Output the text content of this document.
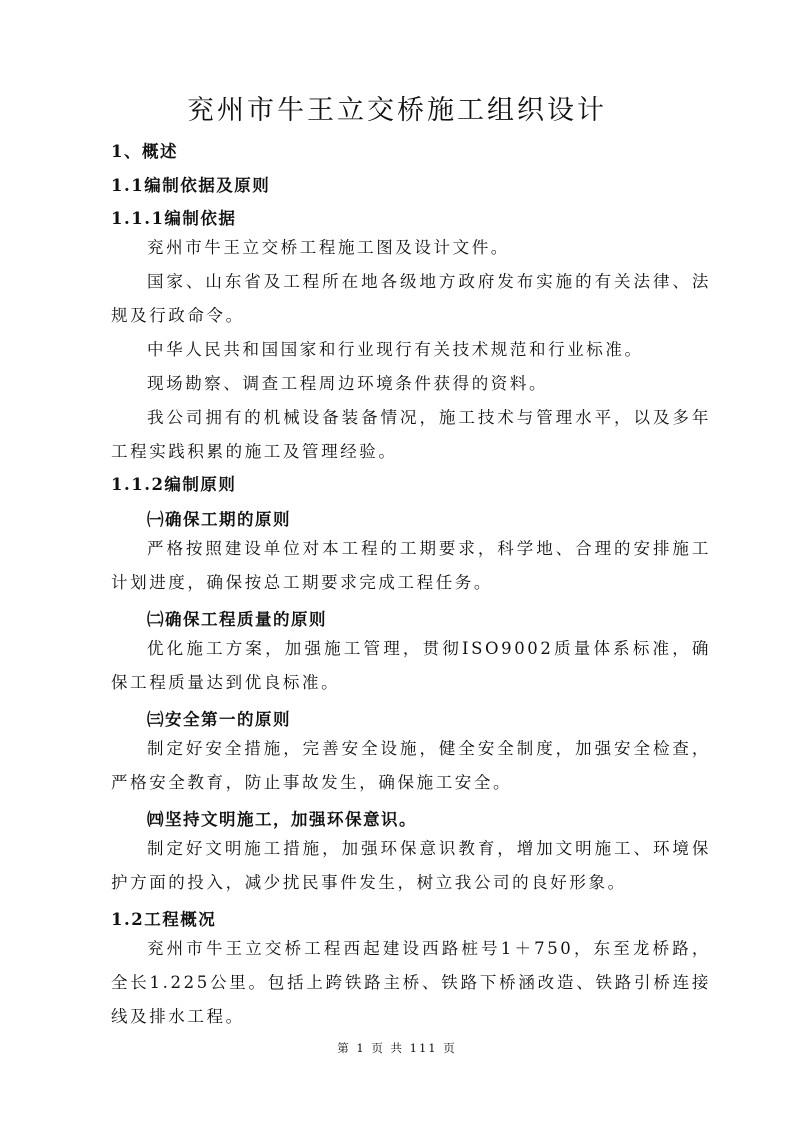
兖州市牛王立交桥施工组织设计
1、概述
1.1编制依据及原则
1.1.1编制依据
兖州市牛王立交桥工程施工图及设计文件。
国家、山东省及工程所在地各级地方政府发布实施的有关法律、法规及行政命令。
中华人民共和国国家和行业现行有关技术规范和行业标准。
现场勘察、调查工程周边环境条件获得的资料。
我公司拥有的机械设备装备情况，施工技术与管理水平，以及多年工程实践积累的施工及管理经验。
1.1.2编制原则
㈠确保工期的原则
严格按照建设单位对本工程的工期要求，科学地、合理的安排施工计划进度，确保按总工期要求完成工程任务。
㈡确保工程质量的原则
优化施工方案，加强施工管理，贯彻ISO9002质量体系标准，确保工程质量达到优良标准。
㈢安全第一的原则
制定好安全措施，完善安全设施，健全安全制度，加强安全检查，严格安全教育，防止事故发生，确保施工安全。
㈣坚持文明施工，加强环保意识。
制定好文明施工措施，加强环保意识教育，增加文明施工、环境保护方面的投入，减少扰民事件发生，树立我公司的良好形象。
1.2工程概况
兖州市牛王立交桥工程西起建设西路桩号1＋750，东至龙桥路，全长1.225公里。包括上跨铁路主桥、铁路下桥涵改造、铁路引桥连接线及排水工程。
第 1 页 共 111 页
